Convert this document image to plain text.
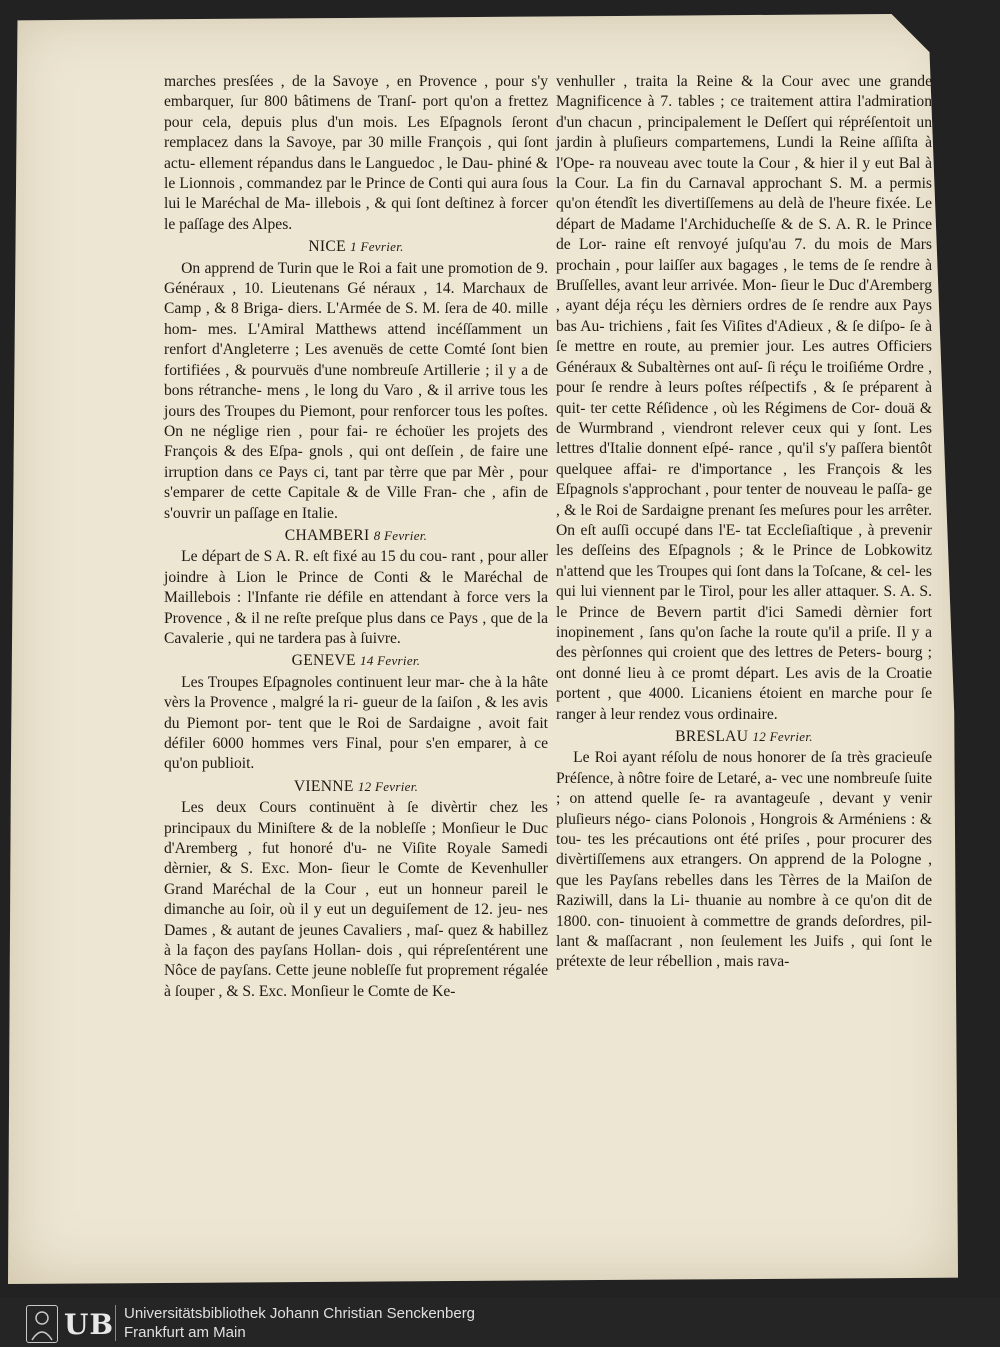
marches presſées , de la Savoye , en Provence , pour s'y embarquer, ſur 800 bâtimens de Tranſ- port qu'on a frettez pour cela, depuis plus d'un mois. Les Eſpagnols ſeront remplacez dans la Savoye, par 30 mille François , qui ſont actu- ellement répandus dans le Languedoc , le Dau- phiné & le Lionnois , commandez par le Prince de Conti qui aura ſous lui le Maréchal de Ma- illebois , & qui ſont deſtinez à forcer le paſſage des Alpes.

NICE 1 Fevrier.

On apprend de Turin que le Roi a fait une promotion de 9. Généraux , 10. Lieutenans Gé néraux , 14. Marchaux de Camp , & 8 Briga- diers. L'Armée de S. M. ſera de 40. mille hom- mes. L'Amiral Matthews attend incéſſamment un renfort d'Angleterre ; Les avenuës de cette Comté ſont bien fortifiées , & pourvuës d'une nombreuſe Artillerie ; il y a de bons rétranche- mens , le long du Varo , & il arrive tous les jours des Troupes du Piemont, pour renforcer tous les poſtes. On ne néglige rien , pour fai- re échoüer les projets des François & des Eſpa- gnols , qui ont deſſein , de faire une irruption dans ce Pays ci, tant par tèrre que par Mèr , pour s'emparer de cette Capitale & de Ville Fran- che , afin de s'ouvrir un paſſage en Italie.

CHAMBERI 8 Fevrier.

Le départ de S A. R. eſt fixé au 15 du cou- rant , pour aller joindre à Lion le Prince de Conti & le Maréchal de Maillebois : l'Infante rie défile en attendant à force vers la Provence , & il ne reſte preſque plus dans ce Pays , que de la Cavalerie , qui ne tardera pas à ſuivre.

GENEVE 14 Fevrier.

Les Troupes Eſpagnoles continuent leur mar- che à la hâte vèrs la Provence , malgré la ri- gueur de la ſaiſon , & les avis du Piemont por- tent que le Roi de Sardaigne , avoit fait défiler 6000 hommes vers Final, pour s'en emparer, à ce qu'on publioit.

VIENNE 12 Fevrier.

Les deux Cours continuënt à ſe divèrtir chez les principaux du Miniſtere & de la nobleſſe ; Monſieur le Duc d'Aremberg , fut honoré d'u- ne Viſite Royale Samedi dèrnier, & S. Exc. Mon- ſieur le Comte de Kevenhuller Grand Maréchal de la Cour , eut un honneur pareil le dimanche au ſoir, où il y eut un deguiſement de 12. jeu- nes Dames , & autant de jeunes Cavaliers , maſ- quez & habillez à la façon des payſans Hollan- dois , qui répreſentérent une Nôce de payſans. Cette jeune nobleſſe fut proprement régalée à ſouper , & S. Exc. Monſieur le Comte de Ke-

venhuller , traita la Reine & la Cour avec une grande Magnificence à 7. tables ; ce traitement attira l'admiration d'un chacun , principalement le Deſſert qui répréſentoit un jardin à pluſieurs compartemens, Lundi la Reine aſſiſta à l'Ope- ra nouveau avec toute la Cour , & hier il y eut Bal à la Cour. La fin du Carnaval approchant S. M. a permis qu'on étendît les divertiſſemens au delà de l'heure fixée. Le départ de Madame l'Archiducheſſe & de S. A. R. le Prince de Lor- raine eſt renvoyé juſqu'au 7. du mois de Mars prochain , pour laiſſer aux bagages , le tems de ſe rendre à Bruſſelles, avant leur arrivée. Mon- ſieur le Duc d'Aremberg , ayant déja réçu les dèrniers ordres de ſe rendre aux Pays bas Au- trichiens , fait ſes Viſites d'Adieux , & ſe diſpo- ſe à ſe mettre en route, au premier jour. Les autres Officiers Généraux & Subaltèrnes ont auſ- ſi réçu le troiſiéme Ordre , pour ſe rendre à leurs poſtes réſpectifs , & ſe préparent à quit- ter cette Réſidence , où les Régimens de Cor- douä & de Wurmbrand , viendront relever ceux qui y ſont. Les lettres d'Italie donnent eſpé- rance , qu'il s'y paſſera bientôt quelquee affai- re d'importance , les François & les Eſpagnols s'approchant , pour tenter de nouveau le paſſa- ge , & le Roi de Sardaigne prenant ſes meſures pour les arrêter. On eſt auſſi occupé dans l'E- tat Eccleſiaſtique , à prevenir les deſſeins des Eſpagnols ; & le Prince de Lobkowitz n'attend que les Troupes qui ſont dans la Toſcane, & cel- les qui lui viennent par le Tirol, pour les aller attaquer. S. A. S. le Prince de Bevern partit d'ici Samedi dèrnier fort inopinement , ſans qu'on ſache la route qu'il a priſe. Il y a des pèrſonnes qui croient que des lettres de Peters- bourg ; ont donné lieu à ce promt départ. Les avis de la Croatie portent , que 4000. Licaniens étoient en marche pour ſe ranger à leur rendez vous ordinaire.

BRESLAU 12 Fevrier.

Le Roi ayant réſolu de nous honorer de ſa très gracieuſe Préſence, à nôtre foire de Letaré, a- vec une nombreuſe ſuite ; on attend quelle ſe- ra avantageuſe , devant y venir pluſieurs négo- cians Polonois , Hongrois & Arméniens : & tou- tes les précautions ont été priſes , pour procurer des divèrtiſſemens aux etrangers. On apprend de la Pologne , que les Payſans rebelles dans les Tèrres de la Maiſon de Raziwill, dans la Li- thuanie au nombre à ce qu'on dit de 1800. con- tinuoient à commettre de grands deſordres, pil- lant & maſſacrant , non ſeulement les Juifs , qui ſont le prétexte de leur rébellion , mais rava-

UB Universitätsbibliothek Johann Christian Senckenberg
Frankfurt am Main
